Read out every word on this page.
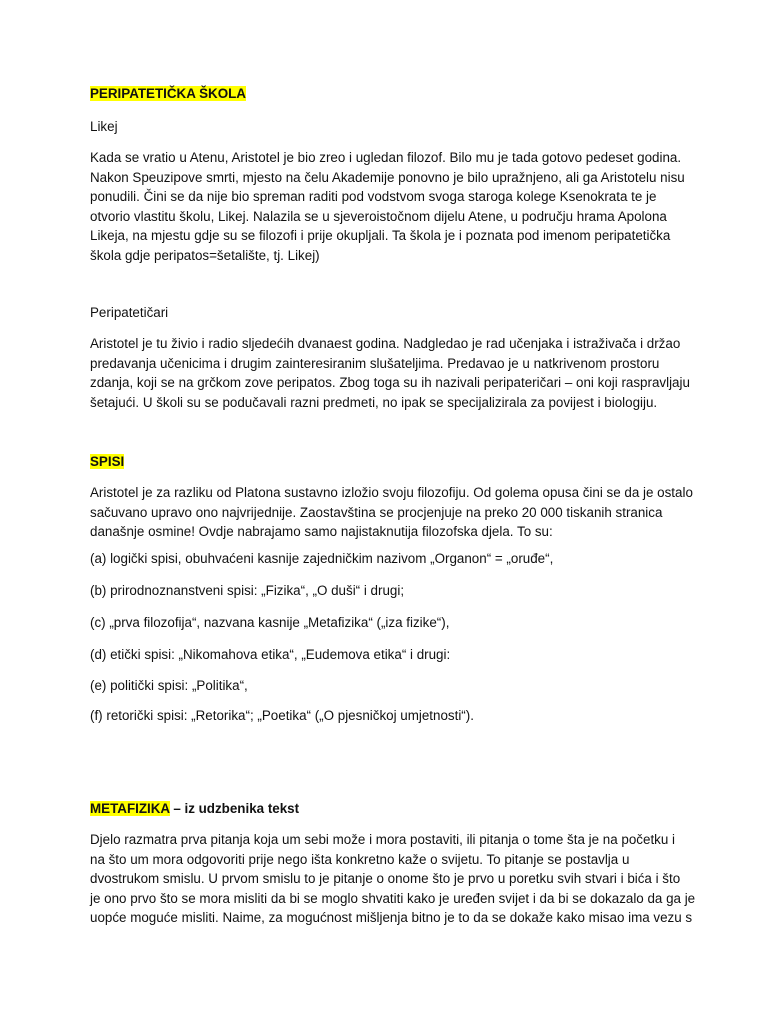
PERIPATETIČKA ŠKOLA
Likej
Kada se vratio u Atenu, Aristotel je bio zreo i ugledan filozof. Bilo mu je tada gotovo pedeset godina.
Nakon Speuzipove smrti, mjesto na čelu Akademije ponovno je bilo upražnjeno, ali ga Aristotelu nisu
ponudili. Čini se da nije bio spreman raditi pod vodstvom svoga staroga kolege Ksenokrata te je
otvorio vlastitu školu, Likej. Nalazila se u sjeveroistočnom dijelu Atene, u području hrama Apolona
Likeja, na mjestu gdje su se filozofi i prije okupljali. Ta škola je i poznata pod imenom peripatetička
škola gdje peripatos=šetalište, tj. Likej)
Peripatetičari
Aristotel je tu živio i radio sljedećih dvanaest godina. Nadgledao je rad učenjaka i istraživača i držao
predavanja učenicima i drugim zainteresiranim slušateljima. Predavao je u natkrivenom prostoru
zdanja, koji se na grčkom zove peripatos. Zbog toga su ih nazivali peripateričari – oni koji raspravljaju
šetajući. U školi su se podučavali razni predmeti, no ipak se specijalizirala za povijest i biologiju.
SPISI
Aristotel je za razliku od Platona sustavno izložio svoju filozofiju. Od golema opusa čini se da je ostalo
sačuvano upravo ono najvrijednije. Zaostavština se procjenjuje na preko 20 000 tiskanih stranica
današnje osmine! Ovdje nabrajamo samo najistaknutija filozofska djela. To su:
(a) logički spisi, obuhvaćeni kasnije zajedničkim nazivom „Organon“ = „oruđe“,
(b) prirodnoznanstveni spisi: „Fizika“, „O duši“ i drugi;
(c) „prva filozofija“, nazvana kasnije „Metafizika“ („iza fizike“),
(d) etički spisi: „Nikomahova etika“, „Eudemova etika“ i drugi:
(e) politički spisi: „Politika“,
(f) retorički spisi: „Retorika“; „Poetika“ („O pjesničkoj umjetnosti“).
METAFIZIKA – iz udzbenika tekst
Djelo razmatra prva pitanja koja um sebi može i mora postaviti, ili pitanja o tome šta je na početku i
na što um mora odgovoriti prije nego išta konkretno kaže o svijetu. To pitanje se postavlja u
dvostrukom smislu. U prvom smislu to je pitanje o onome što je prvo u poretku svih stvari i bića i što
je ono prvo što se mora misliti da bi se moglo shvatiti kako je uređen svijet i da bi se dokazalo da ga je
uopće moguće misliti. Naime, za mogućnost mišljenja bitno je to da se dokaže kako misao ima vezu s
